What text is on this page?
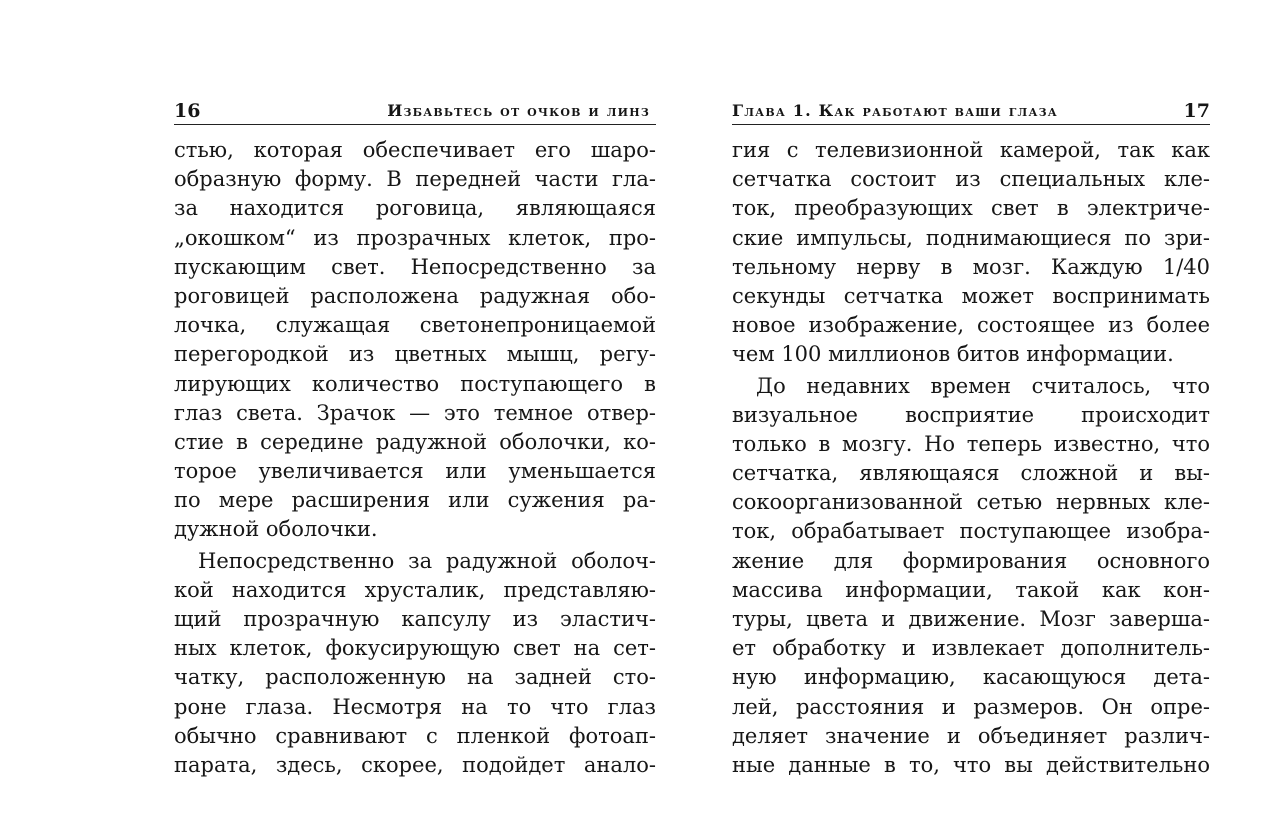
16	Избавьтесь от очков и линз
стью, которая обеспечивает его шаро-
образную форму. В передней части гла-
за находится роговица, являющаяся
„окошком“ из прозрачных клеток, про-
пускающим свет. Непосредственно за
роговицей расположена радужная обо-
лочка, служащая светонепроницаемой
перегородкой из цветных мышц, регу-
лирующих количество поступающего в
глаз света. Зрачок — это темное отвер-
стие в середине радужной оболочки, ко-
торое увеличивается или уменьшается
по мере расширения или сужения ра-
дужной оболочки.
Непосредственно за радужной оболоч-
кой находится хрусталик, представляю-
щий прозрачную капсулу из эластич-
ных клеток, фокусирующую свет на сет-
чатку, расположенную на задней сто-
роне глаза. Несмотря на то что глаз
обычно сравнивают с пленкой фотоап-
парата, здесь, скорее, подойдет анало-
Глава 1. Как работают ваши глаза	17
гия с телевизионной камерой, так как
сетчатка состоит из специальных кле-
ток, преобразующих свет в электриче-
ские импульсы, поднимающиеся по зри-
тельному нерву в мозг. Каждую 1/40
секунды сетчатка может воспринимать
новое изображение, состоящее из более
чем 100 миллионов битов информации.
До недавних времен считалось, что
визуальное восприятие происходит
только в мозгу. Но теперь известно, что
сетчатка, являющаяся сложной и вы-
сокоорганизованной сетью нервных кле-
ток, обрабатывает поступающее изобра-
жение для формирования основного
массива информации, такой как кон-
туры, цвета и движение. Мозг заверша-
ет обработку и извлекает дополнитель-
ную информацию, касающуюся дета-
лей, расстояния и размеров. Он опре-
деляет значение и объединяет различ-
ные данные в то, что вы действительно
